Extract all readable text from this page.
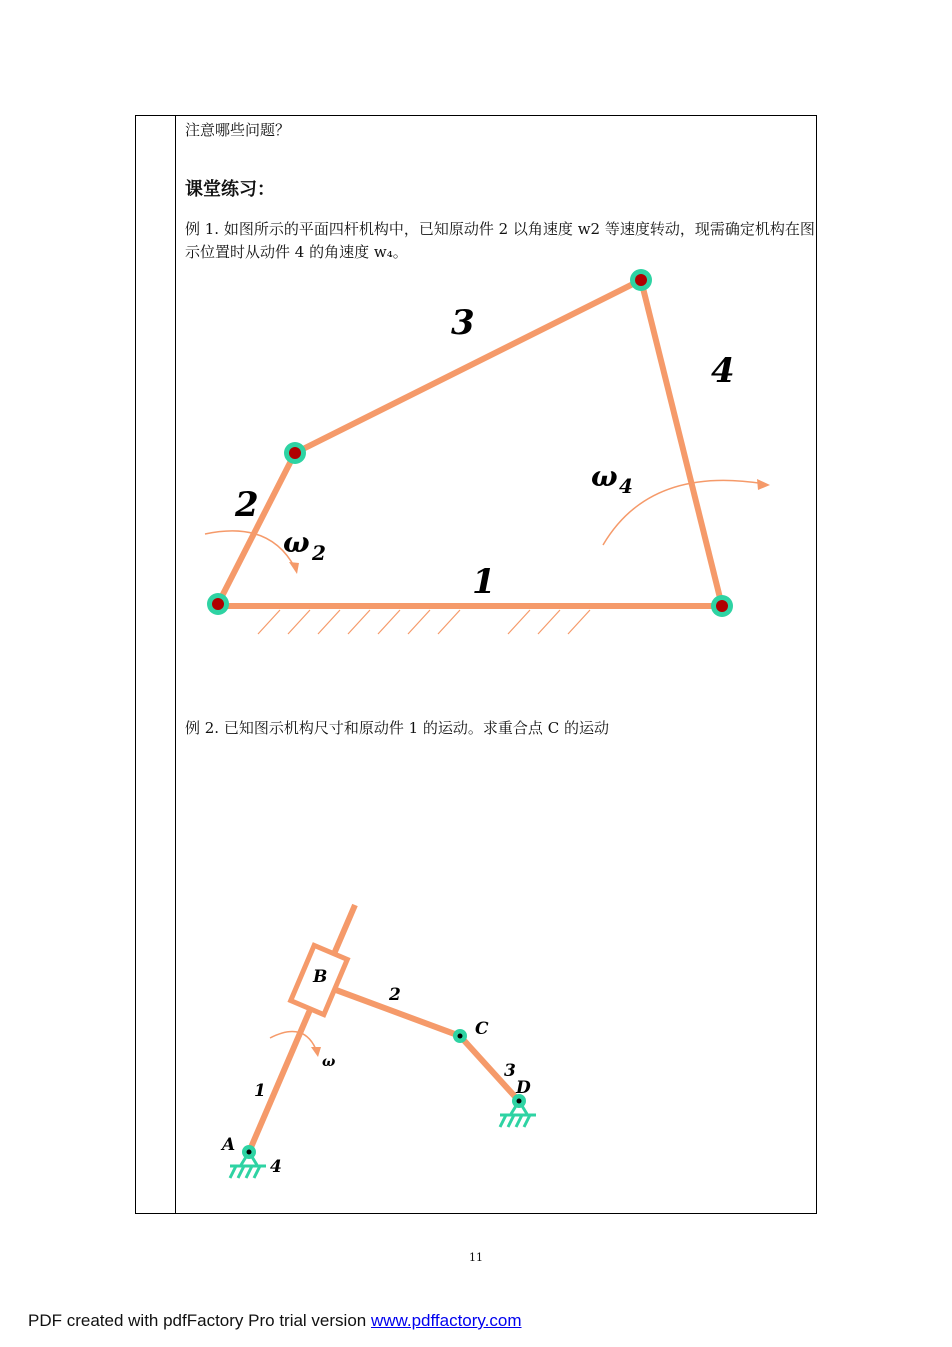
注意哪些问题？
课堂练习：
例 1. 如图所示的平面四杆机构中，已知原动件 2 以角速度 w2 等速度转动，现需确定机构在图示位置时从动件 4 的角速度 w₄。
1
2
3
4
ω 2
ω 4
例 2. 已知图示机构尺寸和原动件 1 的运动。求重合点 C 的运动
B
2
C
3
D
1
A
4
ω
11
PDF created with pdfFactory Pro trial version www.pdffactory.com
